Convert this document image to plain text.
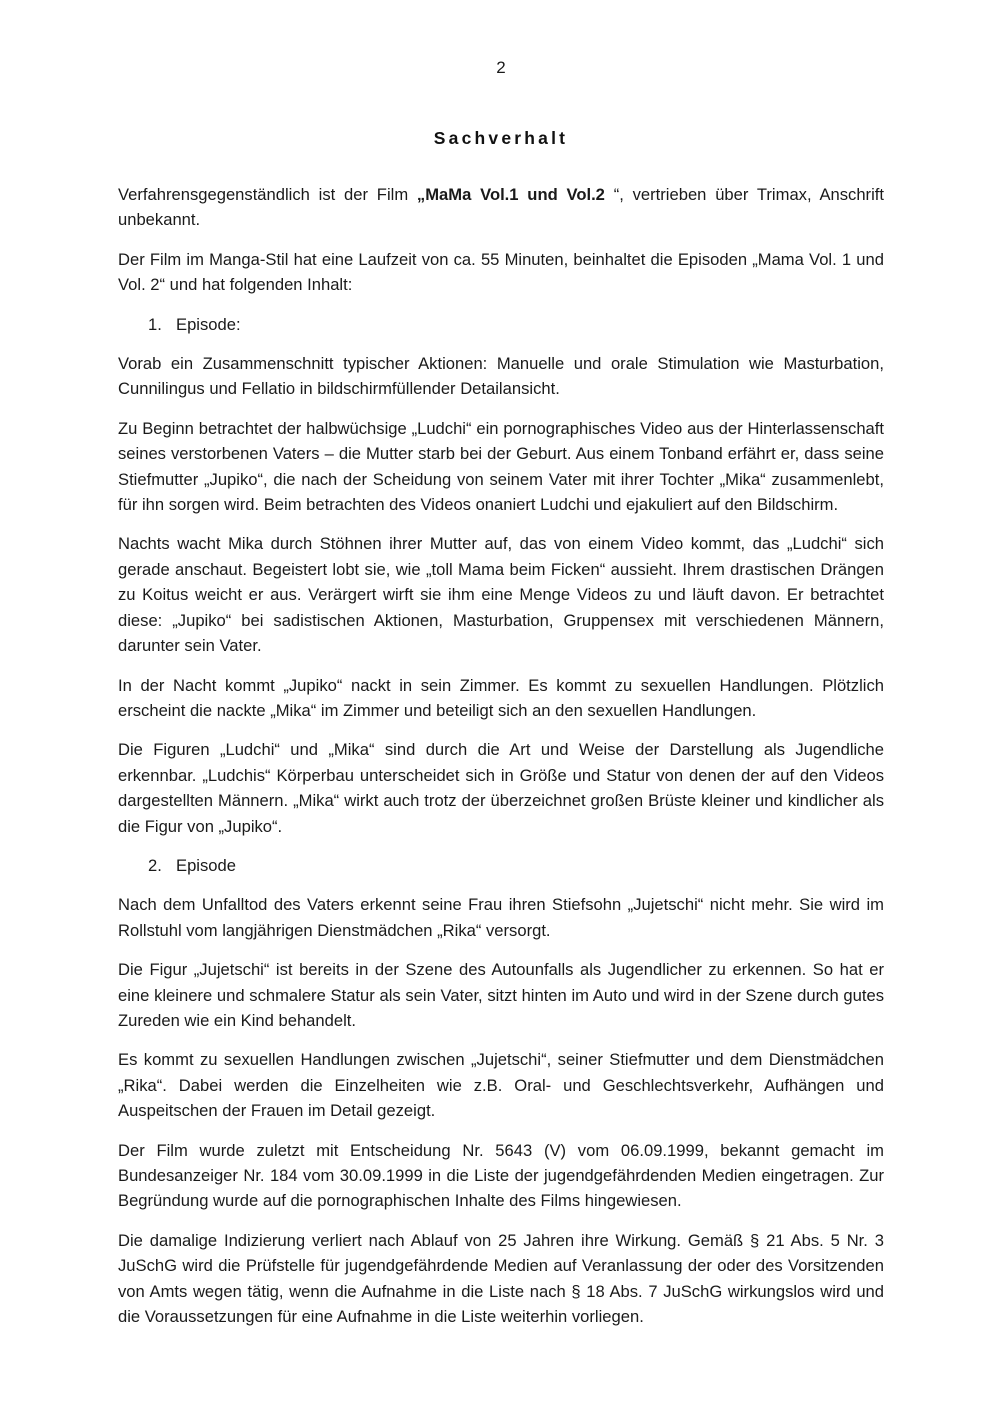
2
Sachverhalt

Verfahrensgegenständlich ist der Film „MaMa Vol.1 und Vol.2 “, vertrieben über Trimax, Anschrift unbekannt.

Der Film im Manga-Stil hat eine Laufzeit von ca. 55 Minuten, beinhaltet die Episoden „Mama Vol. 1 und Vol. 2“ und hat folgenden Inhalt:

1. Episode:

Vorab ein Zusammenschnitt typischer Aktionen: Manuelle und orale Stimulation wie Masturbation, Cunnilingus und Fellatio in bildschirmfüllender Detailansicht.

Zu Beginn betrachtet der halbwüchsige „Ludchi“ ein pornographisches Video aus der Hinterlassenschaft seines verstorbenen Vaters – die Mutter starb bei der Geburt. Aus einem Tonband erfährt er, dass seine Stiefmutter „Jupiko“, die nach der Scheidung von seinem Vater mit ihrer Tochter „Mika“ zusammenlebt, für ihn sorgen wird. Beim betrachten des Videos onaniert Ludchi und ejakuliert auf den Bildschirm.

Nachts wacht Mika durch Stöhnen ihrer Mutter auf, das von einem Video kommt, das „Ludchi“ sich gerade anschaut. Begeistert lobt sie, wie „toll Mama beim Ficken“ aussieht. Ihrem drastischen Drängen zu Koitus weicht er aus. Verärgert wirft sie ihm eine Menge Videos zu und läuft davon. Er betrachtet diese: „Jupiko“ bei sadistischen Aktionen, Masturbation, Gruppensex mit verschiedenen Männern, darunter sein Vater.

In der Nacht kommt „Jupiko“ nackt in sein Zimmer. Es kommt zu sexuellen Handlungen. Plötzlich erscheint die nackte „Mika“ im Zimmer und beteiligt sich an den sexuellen Handlungen.

Die Figuren „Ludchi“ und „Mika“ sind durch die Art und Weise der Darstellung als Jugendliche erkennbar. „Ludchis“ Körperbau unterscheidet sich in Größe und Statur von denen der auf den Videos dargestellten Männern. „Mika“ wirkt auch trotz der überzeichnet großen Brüste kleiner und kindlicher als die Figur von „Jupiko“.

2. Episode

Nach dem Unfalltod des Vaters erkennt seine Frau ihren Stiefsohn „Jujetschi“ nicht mehr. Sie wird im Rollstuhl vom langjährigen Dienstmädchen „Rika“ versorgt.

Die Figur „Jujetschi“ ist bereits in der Szene des Autounfalls als Jugendlicher zu erkennen. So hat er eine kleinere und schmalere Statur als sein Vater, sitzt hinten im Auto und wird in der Szene durch gutes Zureden wie ein Kind behandelt.

Es kommt zu sexuellen Handlungen zwischen „Jujetschi“, seiner Stiefmutter und dem Dienstmädchen „Rika“. Dabei werden die Einzelheiten wie z.B. Oral- und Geschlechtsverkehr, Aufhängen und Auspeitschen der Frauen im Detail gezeigt.

Der Film wurde zuletzt mit Entscheidung Nr. 5643 (V) vom 06.09.1999, bekannt gemacht im Bundesanzeiger Nr. 184 vom 30.09.1999 in die Liste der jugendgefährdenden Medien eingetragen. Zur Begründung wurde auf die pornographischen Inhalte des Films hingewiesen.

Die damalige Indizierung verliert nach Ablauf von 25 Jahren ihre Wirkung. Gemäß § 21 Abs. 5 Nr. 3 JuSchG wird die Prüfstelle für jugendgefährdende Medien auf Veranlassung der oder des Vorsitzenden von Amts wegen tätig, wenn die Aufnahme in die Liste nach § 18 Abs. 7 JuSchG wirkungslos wird und die Voraussetzungen für eine Aufnahme in die Liste weiterhin vorliegen.
